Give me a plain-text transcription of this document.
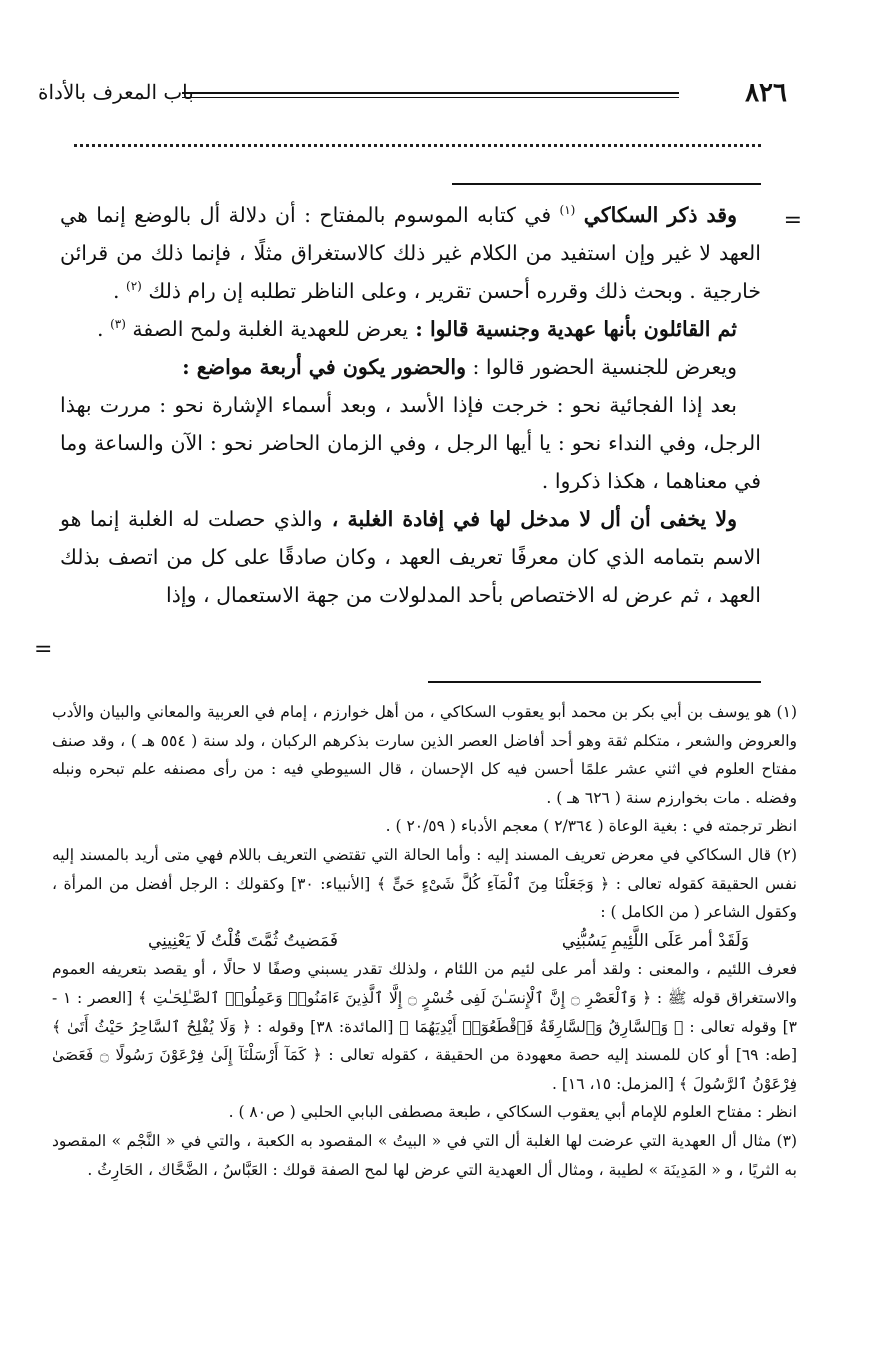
٨٢٦
باب المعرف بالأداة
=

وقد ذكر السكاكي $^{(١)}$ في كتابه الموسوم بالمفتاح : أن دلالة أل بالوضع إنما هي العهد لا غير وإن استفيد من الكلام غير ذلك كالاستغراق مثلًا ، فإنما ذلك من قرائن خارجية . وبحث ذلك وقرره أحسن تقرير ، وعلى الناظر تطلبه إن رام ذلك $^{(٢)}$ .

ثم القائلون بأنها عهدية وجنسية قالوا : يعرض للعهدية الغلبة ولمح الصفة $^{(٣)}$ .

ويعرض للجنسية الحضور قالوا : والحضور يكون في أربعة مواضع :

بعد إذا الفجائية نحو : خرجت فإذا الأسد ، وبعد أسماء الإشارة نحو : مررت بهذا الرجل، وفي النداء نحو : يا أيها الرجل ، وفي الزمان الحاضر نحو : الآن والساعة وما في معناهما ، هكذا ذكروا .

ولا يخفى أن أل لا مدخل لها في إفادة الغلبة ، والذي حصلت له الغلبة إنما هو الاسم بتمامه الذي كان معرفًا تعريف العهد ، وكان صادقًا على كل من اتصف بذلك العهد ، ثم عرض له الاختصاص بأحد المدلولات من جهة الاستعمال ، وإذا

=

(١) هو يوسف بن أبي بكر بن محمد أبو يعقوب السكاكي ، من أهل خوارزم ، إمام في العربية والمعاني والبيان والأدب والعروض والشعر ، متكلم ثقة وهو أحد أفاضل العصر الذين سارت بذكرهم الركبان ، ولد سنة ( ٥٥٤ هـ ) ، وقد صنف مفتاح العلوم في اثني عشر علمًا أحسن فيه كل الإحسان ، قال السيوطي فيه : من رأى مصنفه علم تبحره ونبله وفضله . مات بخوارزم سنة ( ٦٢٦ هـ ) .

انظر ترجمته في : بغية الوعاة ( ٢/٣٦٤ ) معجم الأدباء ( ٢٠/٥٩ ) .

(٢) قال السكاكي في معرض تعريف المسند إليه : وأما الحالة التي تقتضي التعريف باللام فهي متى أريد بالمسند إليه نفس الحقيقة كقوله تعالى : ﴿ وَجَعَلْنَا مِنَ ٱلْمَآءِ كُلَّ شَىْءٍ حَىٍّ ﴾ [الأنبياء: ٣٠] وكقولك : الرجل أفضل من المرأة ، وكقول الشاعر ( من الكامل ) :

وَلَقَدْ أمر عَلَى اللَّئِيمِ يَسُبُّنِي
فَمَضيتُ ثُمَّتَ قُلْتُ لَا يَعْنِينِي

فعرف اللئيم ، والمعنى : ولقد أمر على لئيم من اللئام ، ولذلك تقدر يسبني وصفًا لا حالًا ، أو يقصد بتعريفه العموم والاستغراق قوله ﷺ : ﴿ وَٱلْعَصْرِ ۝ إِنَّ ٱلْإِنسَـٰنَ لَفِى خُسْرٍ ۝ إِلَّا ٱلَّذِينَ ءَامَنُوا۟ وَعَمِلُوا۟ ٱلصَّـٰلِحَـٰتِ ﴾ [العصر : ١ - ٣] وقوله تعالى : ﴿ وَٱلسَّارِقُ وَٱلسَّارِقَةُ فَٱقْطَعُوٓا۟ أَيْدِيَهُمَا ﴾ [المائدة: ٣٨] وقوله : ﴿ وَلَا يُفْلِحُ ٱلسَّاحِرُ حَيْثُ أَتَىٰ ﴾ [طه: ٦٩] أو كان للمسند إليه حصة معهودة من الحقيقة ، كقوله تعالى : ﴿ كَمَآ أَرْسَلْنَآ إِلَىٰ فِرْعَوْنَ رَسُولًا ۝ فَعَصَىٰ فِرْعَوْنُ ٱلرَّسُولَ ﴾ [المزمل: ١٥، ١٦] .

انظر : مفتاح العلوم للإمام أبي يعقوب السكاكي ، طبعة مصطفى البابي الحلبي ( ص٨٠ ) .

(٣) مثال أل العهدية التي عرضت لها الغلبة أل التي في « البيتُ » المقصود به الكعبة ، والتي في « النَّجْم » المقصود به الثريًا ، و « المَدِينَة » لطيبة ، ومثال أل العهدية التي عرض لها لمح الصفة قولك : العَبَّاسُ ، الضَّحَّاك ، الحَارِثُ .
